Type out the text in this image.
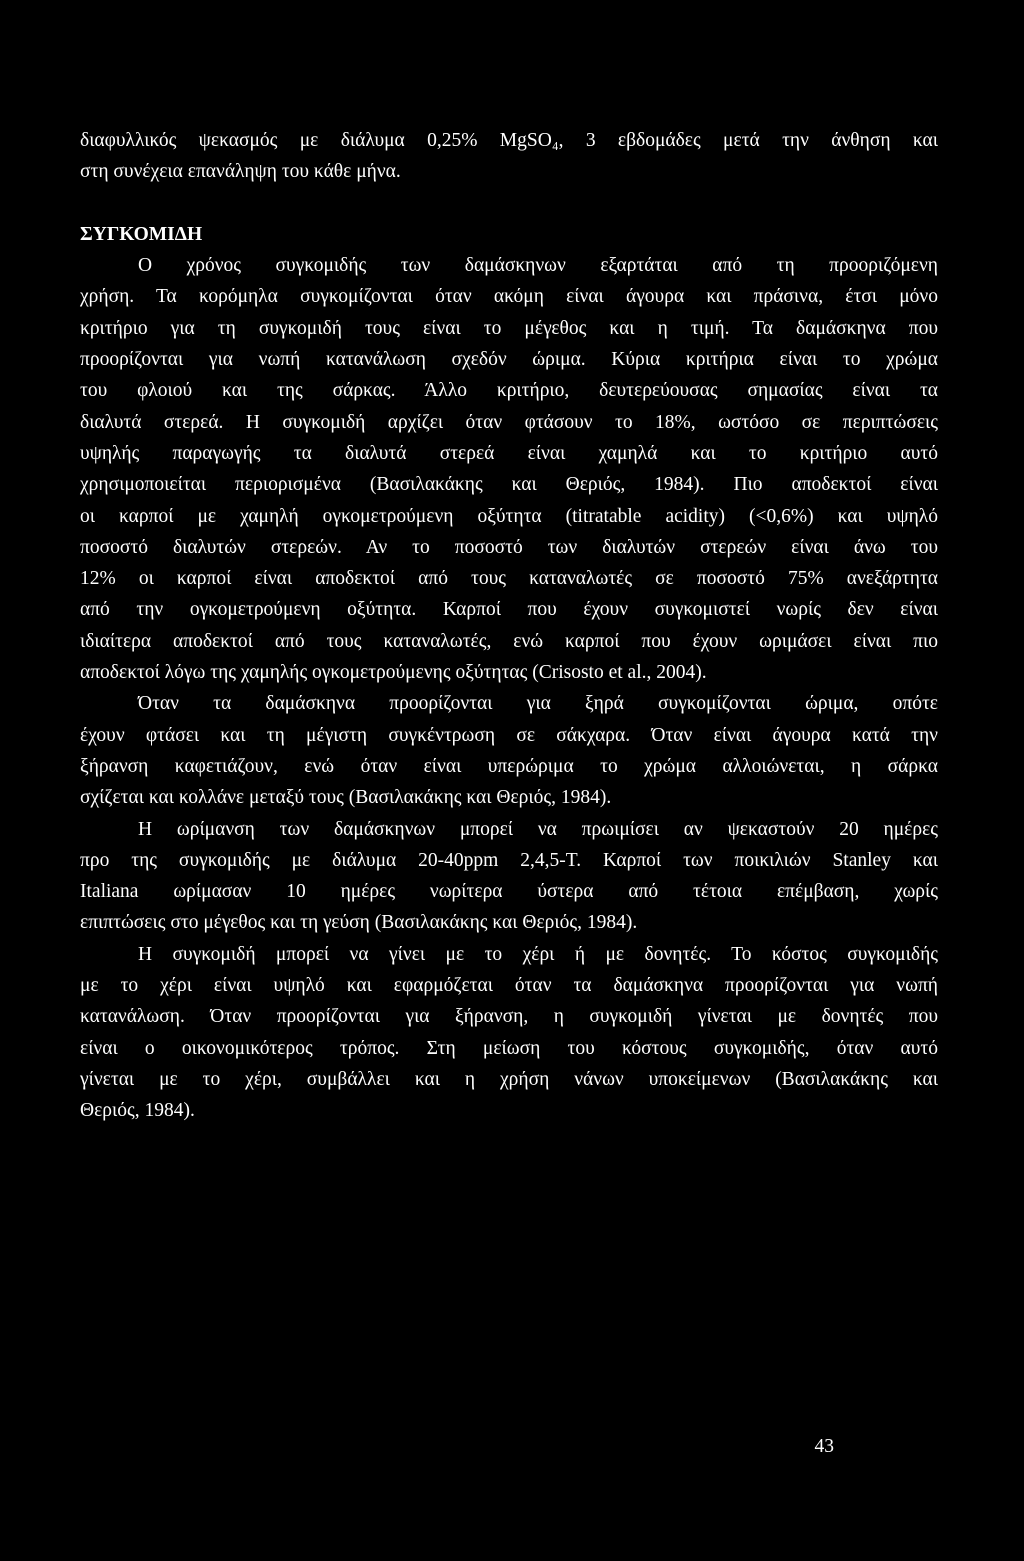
διαφυλλικός ψεκασμός με διάλυμα 0,25% MgSO₄, 3 εβδομάδες μετά την άνθηση και
στη συνέχεια επανάληψη του κάθε μήνα.
ΣΥΓΚΟΜΙΔΗ
Ο χρόνος συγκομιδής των δαμάσκηνων εξαρτάται από τη προοριζόμενη
χρήση. Τα κορόμηλα συγκομίζονται όταν ακόμη είναι άγουρα και πράσινα, έτσι μόνο
κριτήριο για τη συγκομιδή τους είναι το μέγεθος και η τιμή. Τα δαμάσκηνα που
προορίζονται για νωπή κατανάλωση σχεδόν ώριμα. Κύρια κριτήρια είναι το χρώμα
του φλοιού και της σάρκας. Άλλο κριτήριο, δευτερεύουσας σημασίας είναι τα
διαλυτά στερεά. Η συγκομιδή αρχίζει όταν φτάσουν το 18%, ωστόσο σε περιπτώσεις
υψηλής παραγωγής τα διαλυτά στερεά είναι χαμηλά και το κριτήριο αυτό
χρησιμοποιείται περιορισμένα (Βασιλακάκης και Θεριός, 1984). Πιο αποδεκτοί είναι
οι καρποί με χαμηλή ογκομετρούμενη οξύτητα (titratable acidity) (<0,6%) και υψηλό
ποσοστό διαλυτών στερεών. Αν το ποσοστό των διαλυτών στερεών είναι άνω του
12% οι καρποί είναι αποδεκτοί από τους καταναλωτές σε ποσοστό 75% ανεξάρτητα
από την ογκομετρούμενη οξύτητα. Καρποί που έχουν συγκομιστεί νωρίς δεν είναι
ιδιαίτερα αποδεκτοί από τους καταναλωτές, ενώ καρποί που έχουν ωριμάσει είναι πιο
αποδεκτοί λόγω της χαμηλής ογκομετρούμενης οξύτητας (Crisosto et al., 2004).
Όταν τα δαμάσκηνα προορίζονται για ξηρά συγκομίζονται ώριμα, οπότε
έχουν φτάσει και τη μέγιστη συγκέντρωση σε σάκχαρα. Όταν είναι άγουρα κατά την
ξήρανση καφετιάζουν, ενώ όταν είναι υπερώριμα το χρώμα αλλοιώνεται, η σάρκα
σχίζεται και κολλάνε μεταξύ τους (Βασιλακάκης και Θεριός, 1984).
Η ωρίμανση των δαμάσκηνων μπορεί να πρωιμίσει αν ψεκαστούν 20 ημέρες
προ της συγκομιδής με διάλυμα 20-40ppm 2,4,5-T. Καρποί των ποικιλιών Stanley και
Italiana ωρίμασαν 10 ημέρες νωρίτερα ύστερα από τέτοια επέμβαση, χωρίς
επιπτώσεις στο μέγεθος και τη γεύση (Βασιλακάκης και Θεριός, 1984).
Η συγκομιδή μπορεί να γίνει με το χέρι ή με δονητές. Το κόστος συγκομιδής
με το χέρι είναι υψηλό και εφαρμόζεται όταν τα δαμάσκηνα προορίζονται για νωπή
κατανάλωση. Όταν προορίζονται για ξήρανση, η συγκομιδή γίνεται με δονητές που
είναι ο οικονομικότερος τρόπος. Στη μείωση του κόστους συγκομιδής, όταν αυτό
γίνεται με το χέρι, συμβάλλει και η χρήση νάνων υποκείμενων (Βασιλακάκης και
Θεριός, 1984).
43
